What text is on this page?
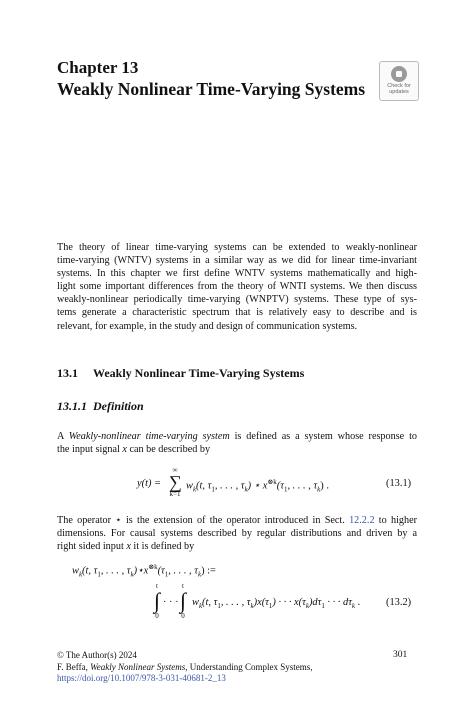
Chapter 13
Weakly Nonlinear Time-Varying Systems	Check for
updates
The theory of linear time-varying systems can be extended to weakly-nonlinear
time-varying (WNTV) systems in a similar way as we did for linear time-invariant
systems. In this chapter we first define WNTV systems mathematically and high-
light some important differences from the theory of WNTI systems. We then discuss
weakly-nonlinear periodically time-varying (WNPTV) systems. These type of sys-
tems generate a characteristic spectrum that is relatively easy to describe and is
relevant, for example, in the study and design of communication systems.
13.1 Weakly Nonlinear Time-Varying Systems
13.1.1 Definition
A Weakly-nonlinear time-varying system is defined as a system whose response to
the input signal x can be described by
y(t) =
∞
∑
k=1
$w_k(t$, $\tau_1$, . . . , $\tau_k$) ⋆ $x^{\otimes k}(\tau_1$, . . . , $\tau_k$) .	(13.1)
The operator ⋆ is the extension of the operator introduced in Sect. 12.2.2 to higher
dimensions. For causal systems described by regular distributions and driven by a
right sided input x it is defined by
$w_k(t$, $\tau_1$, . . . , $\tau_k)⋆x^{\otimes k}(\tau_1$, . . . , $\tau_k$) :=
t
∫
0
· · ·
t
∫
0
$w_k(t$, $\tau_1$, . . . , $\tau_k)x(\tau_1)$ · · · $x(\tau_k)d\tau_1$ · · · $d\tau_k$ . (13.2)
© The Author(s) 2024
F. Beffa, Weakly Nonlinear Systems, Understanding Complex Systems,
https://doi.org/10.1007/978-3-031-40681-2_13
301
